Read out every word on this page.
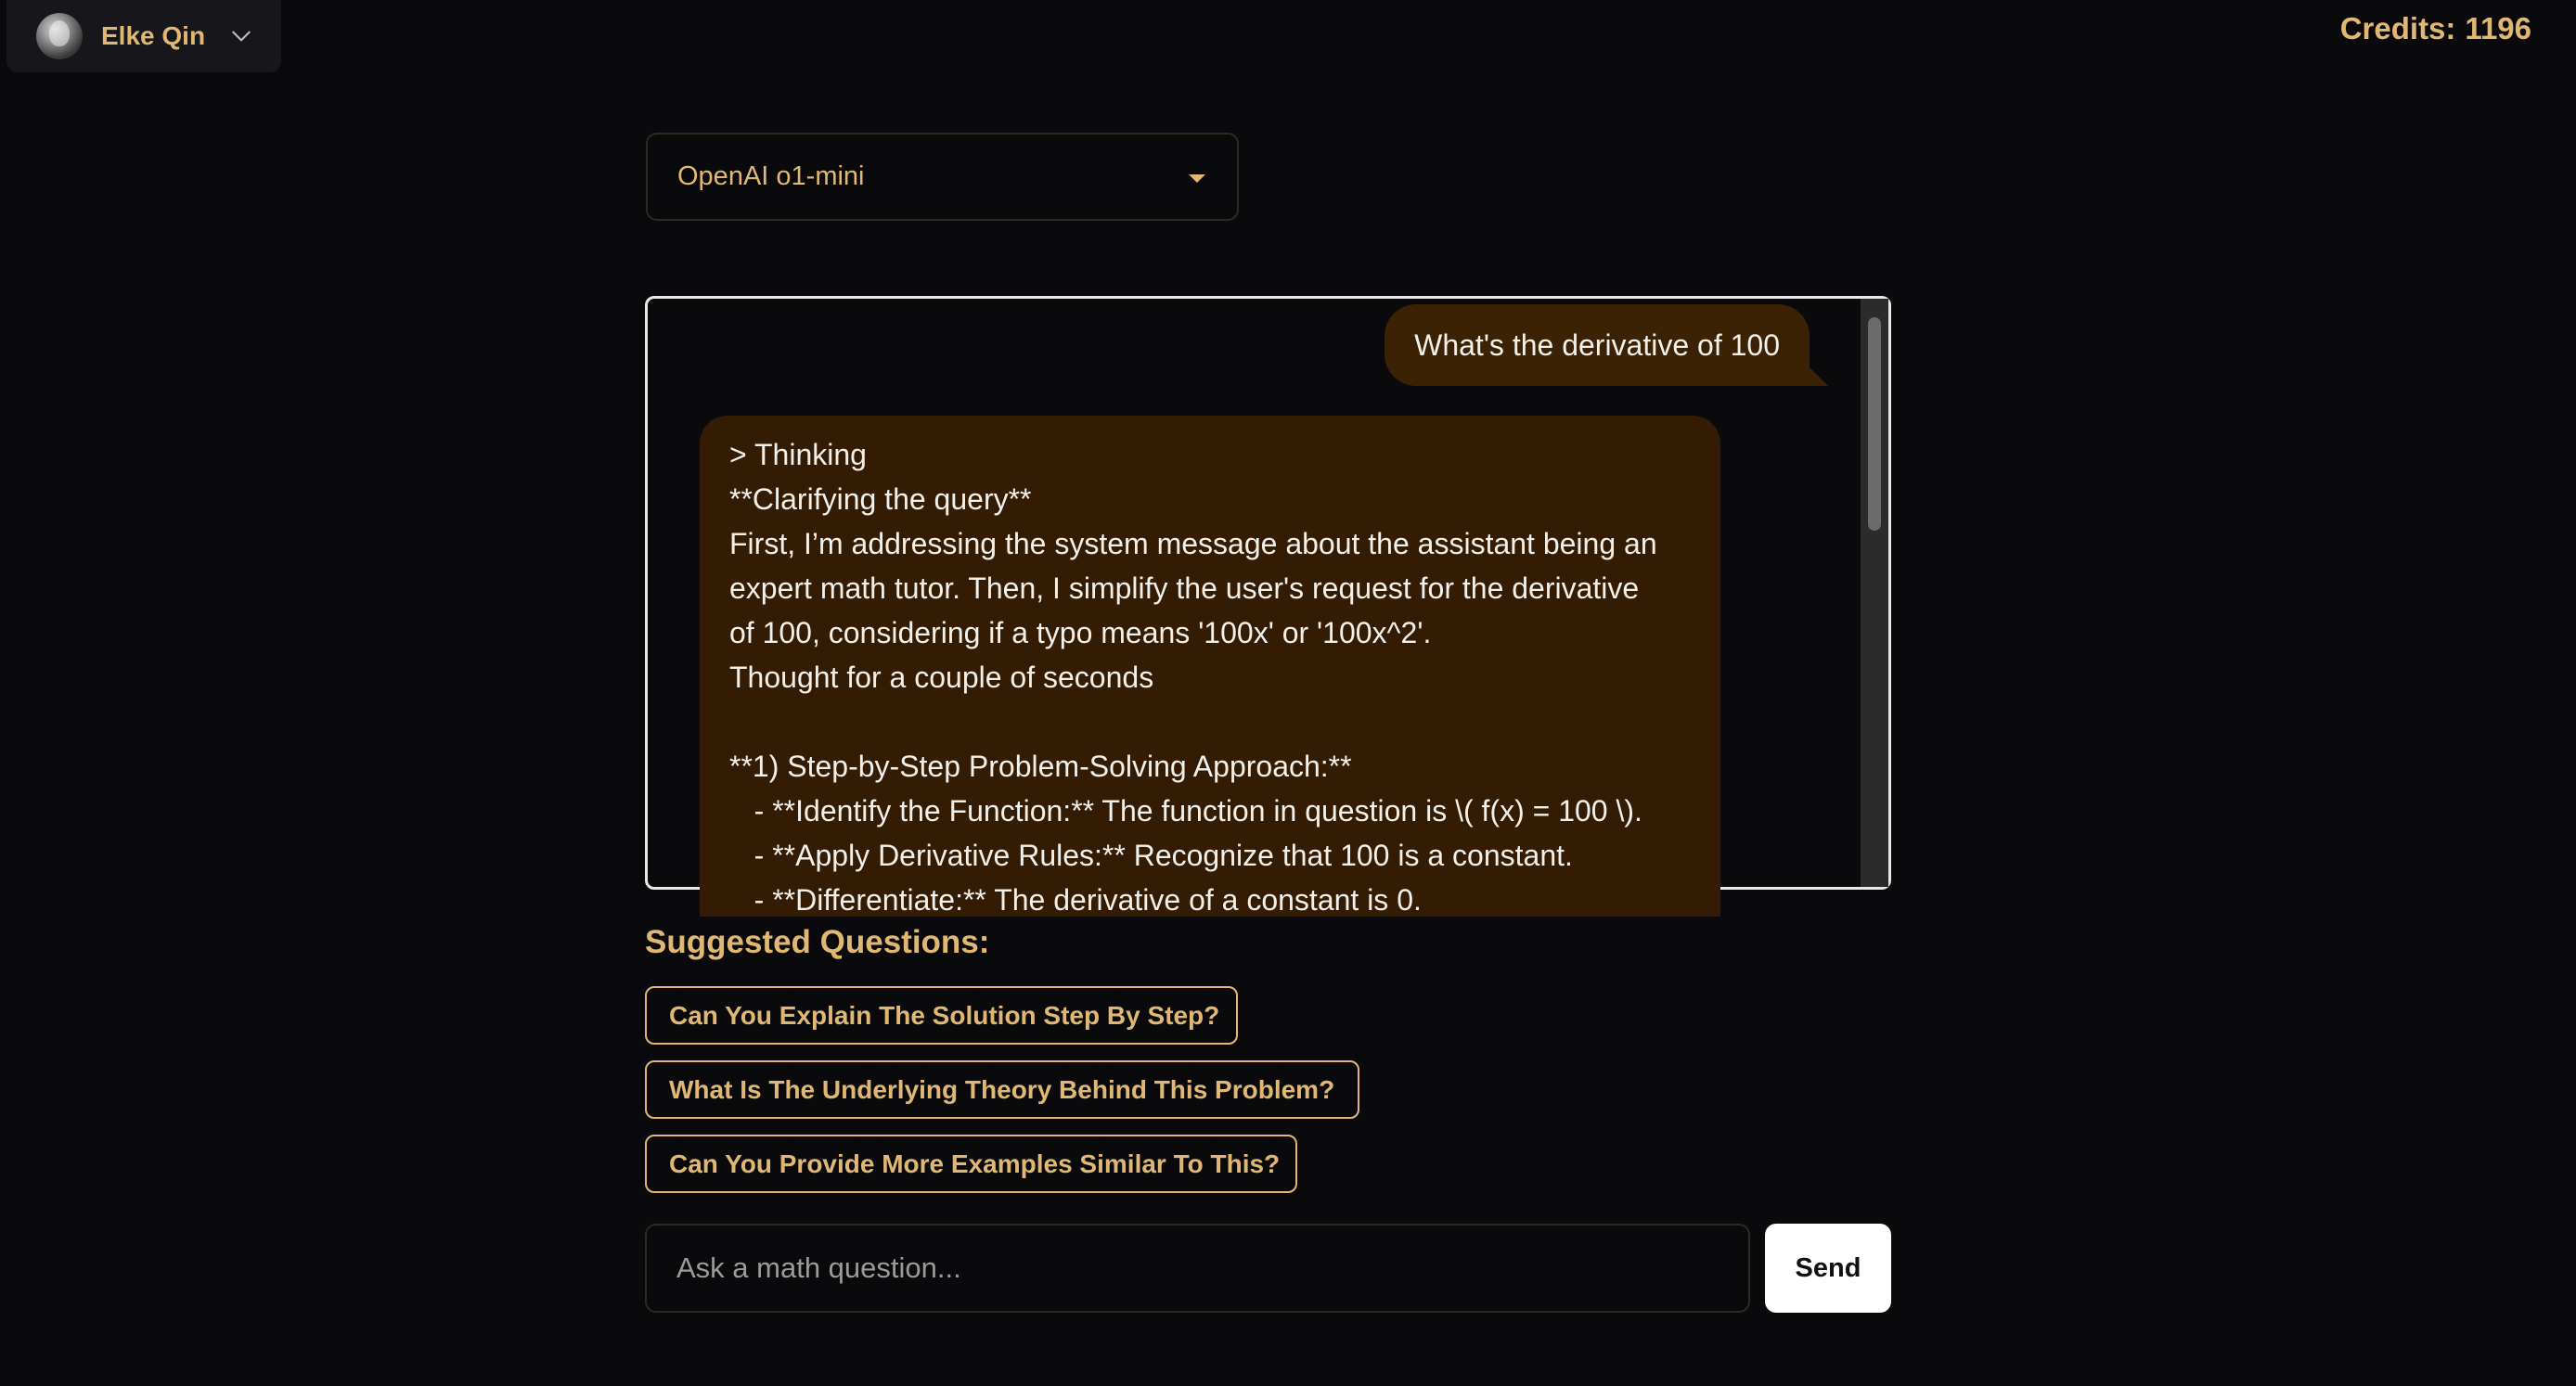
Elke Qin	Credits: 1196
OpenAI o1-mini
What's the derivative of 100
> Thinking
**Clarifying the query**
First, I’m addressing the system message about the assistant being an
expert math tutor. Then, I simplify the user's request for the derivative
of 100, considering if a typo means '100x' or '100x^2'.
Thought for a couple of seconds
**1) Step-by-Step Problem-Solving Approach:**
- **Identify the Function:** The function in question is \( f(x) = 100 \).
- **Apply Derivative Rules:** Recognize that 100 is a constant.
- **Differentiate:** The derivative of a constant is 0.
Suggested Questions:
Can You Explain The Solution Step By Step?
What Is The Underlying Theory Behind This Problem?
Can You Provide More Examples Similar To This?
Ask a math question...
Send
